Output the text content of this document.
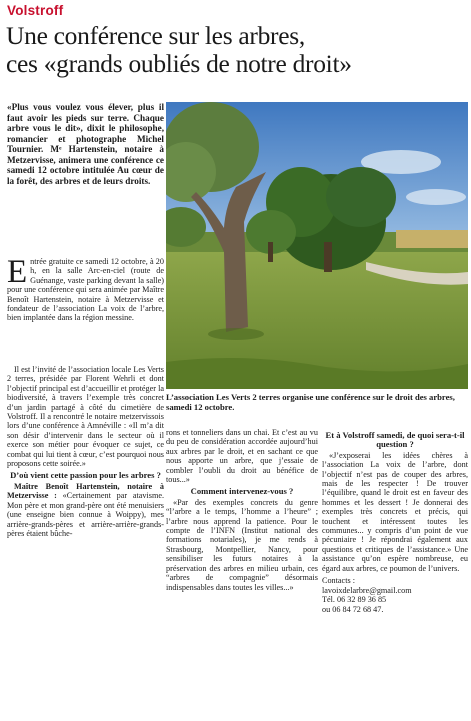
Volstroff
Une conférence sur les arbres,
ces «grands oubliés de notre droit»
«Plus vous voulez vous élever, plus il faut avoir les pieds sur terre. Chaque arbre vous le dit», dixit le philosophe, romancier et photographe Michel Tournier. Mᵉ Hartenstein, notaire à Metzervisse, animera une conférence ce samedi 12 octobre intitulée Au cœur de la forêt, des arbres et de leurs droits.
Entrée gratuite ce samedi 12 octobre, à 20 h, en la salle Arc-en-ciel (route de Guénange, vaste parking devant la salle) pour une conférence qui sera animée par Maître Benoît Hartenstein, notaire à Metzervisse et fondateur de l’association La voix de l’arbre, bien implantée dans la région messine.

Il est l’invité de l’association locale Les Verts 2 terres, présidée par Florent Wehrli et dont l’objectif principal est d’accueillir et protéger la biodiversité, à travers l’exemple très concret d’un jardin partagé à côté du cimetière de Volstroff. Il a rencontré le notaire metzervissois lors d’une conférence à Amnéville : «Il m’a dit son désir d’intervenir dans le secteur où il exerce son métier pour évoquer ce sujet, ce combat qui lui tient à cœur, c’est pourquoi nous proposons cette soirée.»

D’où vient cette passion pour les arbres ?

Maître Benoît Hartenstein, notaire à Metzervisse : «Certainement par atavisme. Mon père et mon grand-père ont été menuisiers (une enseigne bien connue à Woippy), mes arrière-grands-pères et arrière-arrière-grands-pères étaient bûche-

L’association Les Verts 2 terres organise une conférence sur le droit des arbres, samedi 12 octobre.

rons et tonneliers dans un chai. Et c’est au vu du peu de considération accordée aujourd’hui aux arbres par le droit, et en sachant ce que nous apporte un arbre, que j’essaie de combler l’oubli du droit au bénéfice de tous...»

Comment intervenez-vous ?

«Par des exemples concrets du genre “l’arbre a le temps, l’homme a l’heure” ; l’arbre nous apprend la patience. Pour le compte de l’INFN (Institut national des formations notariales), je me rends à Strasbourg, Montpellier, Nancy, pour sensibiliser les futurs notaires à la préservation des arbres en milieu urbain, ces “arbres de compagnie” désormais indispensables dans toutes les villes...»

Et à Volstroff samedi, de quoi sera-t-il question ?

«J’exposerai les idées chères à l’association La voix de l’arbre, dont l’objectif n’est pas de couper des arbres, mais de les respecter ! De trouver l’équilibre, quand le droit est en faveur des hommes et les dessert ! Je donnerai des exemples très concrets et précis, qui touchent et intéressent toutes les communes... y compris d’un point de vue pécuniaire ! Je répondrai également aux questions et critiques de l’assistance.» Une assistance qu’on espère nombreuse, eu égard aux arbres, ce poumon de l’univers.

Contacts :
lavoixdelarbre@gmail.com
Tél. 06 32 89 36 85
ou 06 84 72 68 47.
